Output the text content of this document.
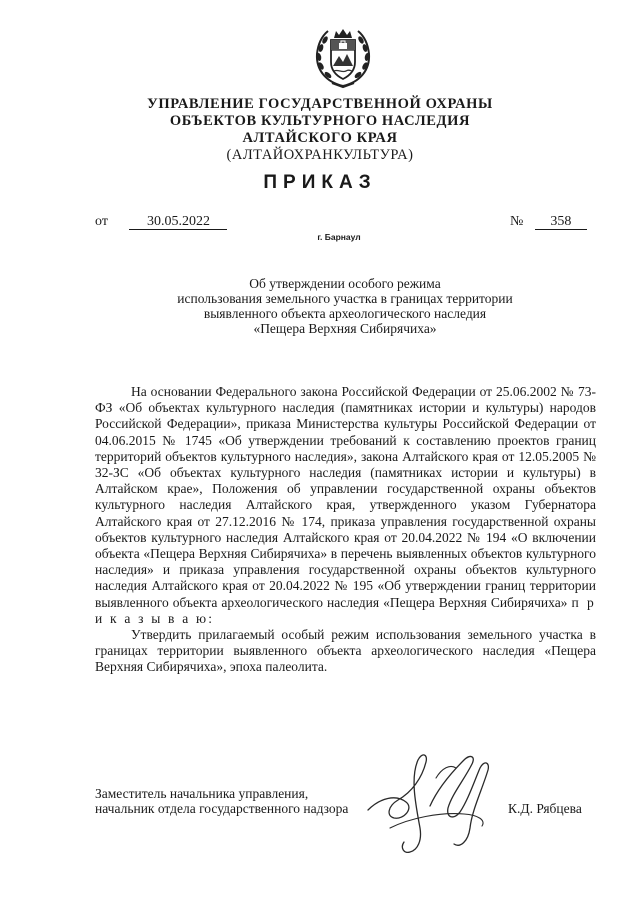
УПРАВЛЕНИЕ ГОСУДАРСТВЕННОЙ ОХРАНЫ
ОБЪЕКТОВ КУЛЬТУРНОГО НАСЛЕДИЯ
АЛТАЙСКОГО КРАЯ
(АЛТАЙОХРАНКУЛЬТУРА)
ПРИКАЗ
от	30.05.2022	№ 358
г. Барнаул
Об утверждении особого режима
использования земельного участка в границах территории
выявленного объекта археологического наследия
«Пещера Верхняя Сибирячиха»

На основании Федерального закона Российской Федерации от 25.06.2002 № 73-ФЗ «Об объектах культурного наследия (памятниках истории и культуры) народов Российской Федерации», приказа Министерства культуры Российской Федерации от 04.06.2015 № 1745 «Об утверждении требований к составлению проектов границ территорий объектов культурного наследия», закона Алтайского края от 12.05.2005 № 32-ЗС «Об объектах культурного наследия (памятниках истории и культуры) в Алтайском крае», Положения об управлении государственной охраны объектов культурного наследия Алтайского края, утвержденного указом Губернатора Алтайского края от 27.12.2016 № 174, приказа управления государственной охраны объектов культурного наследия Алтайского края от 20.04.2022 № 194 «О включении объекта «Пещера Верхняя Сибирячиха» в перечень выявленных объектов культурного наследия» и приказа управления государственной охраны объектов культурного наследия Алтайского края от 20.04.2022 № 195 «Об утверждении границ территории выявленного объекта археологического наследия «Пещера Верхняя Сибирячиха» п р и к а з ы в а ю:

Утвердить прилагаемый особый режим использования земельного участка в границах территории выявленного объекта археологического наследия «Пещера Верхняя Сибирячиха», эпоха палеолита.

Заместитель начальника управления,
начальник отдела государственного надзора	К.Д. Рябцева
